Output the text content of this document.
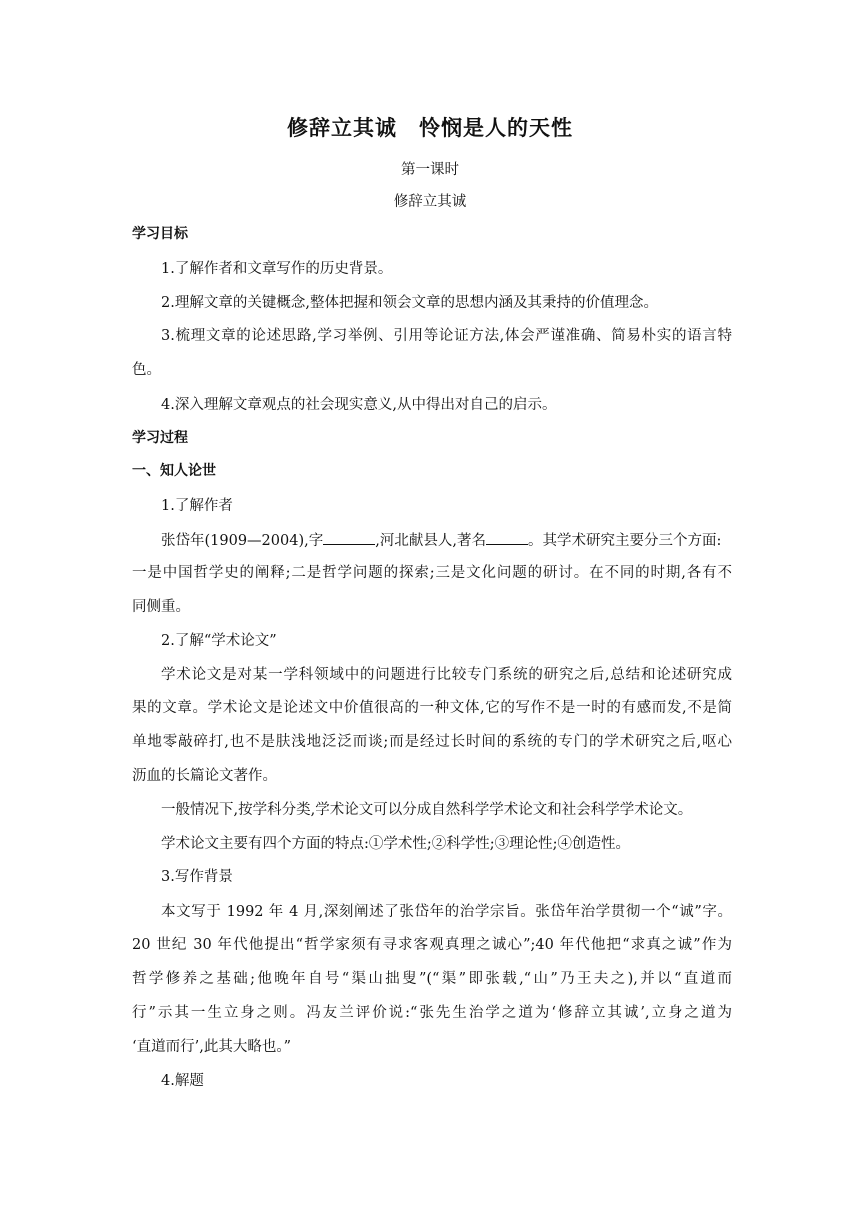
修辞立其诚　怜悯是人的天性
第一课时
修辞立其诚
学习目标
1.了解作者和文章写作的历史背景。
2.理解文章的关键概念,整体把握和领会文章的思想内涵及其秉持的价值理念。
3.梳理文章的论述思路,学习举例、引用等论证方法,体会严谨准确、简易朴实的语言特
色。
4.深入理解文章观点的社会现实意义,从中得出对自己的启示。
学习过程
一、知人论世
1.了解作者
张岱年(1909—2004),字	,河北献县人,著名	。其学术研究主要分三个方面:
一是中国哲学史的阐释;二是哲学问题的探索;三是文化问题的研讨。在不同的时期,各有不
同侧重。
2.了解“学术论文”
学术论文是对某一学科领域中的问题进行比较专门系统的研究之后,总结和论述研究成
果的文章。学术论文是论述文中价值很高的一种文体,它的写作不是一时的有感而发,不是简
单地零敲碎打,也不是肤浅地泛泛而谈;而是经过长时间的系统的专门的学术研究之后,呕心
沥血的长篇论文著作。
一般情况下,按学科分类,学术论文可以分成自然科学学术论文和社会科学学术论文。
学术论文主要有四个方面的特点:①学术性;②科学性;③理论性;④创造性。
3.写作背景
本文写于 1992 年 4 月,深刻阐述了张岱年的治学宗旨。张岱年治学贯彻一个“诚”字。
20 世纪 30 年代他提出“哲学家须有寻求客观真理之诚心”;40 年代他把“求真之诚”作为
哲学修养之基础;他晚年自号“渠山拙叟”(“渠”即张载,“山”乃王夫之),并以“直道而
行”示其一生立身之则。冯友兰评价说:“张先生治学之道为‘修辞立其诚’,立身之道为
‘直道而行’,此其大略也。”
4.解题
